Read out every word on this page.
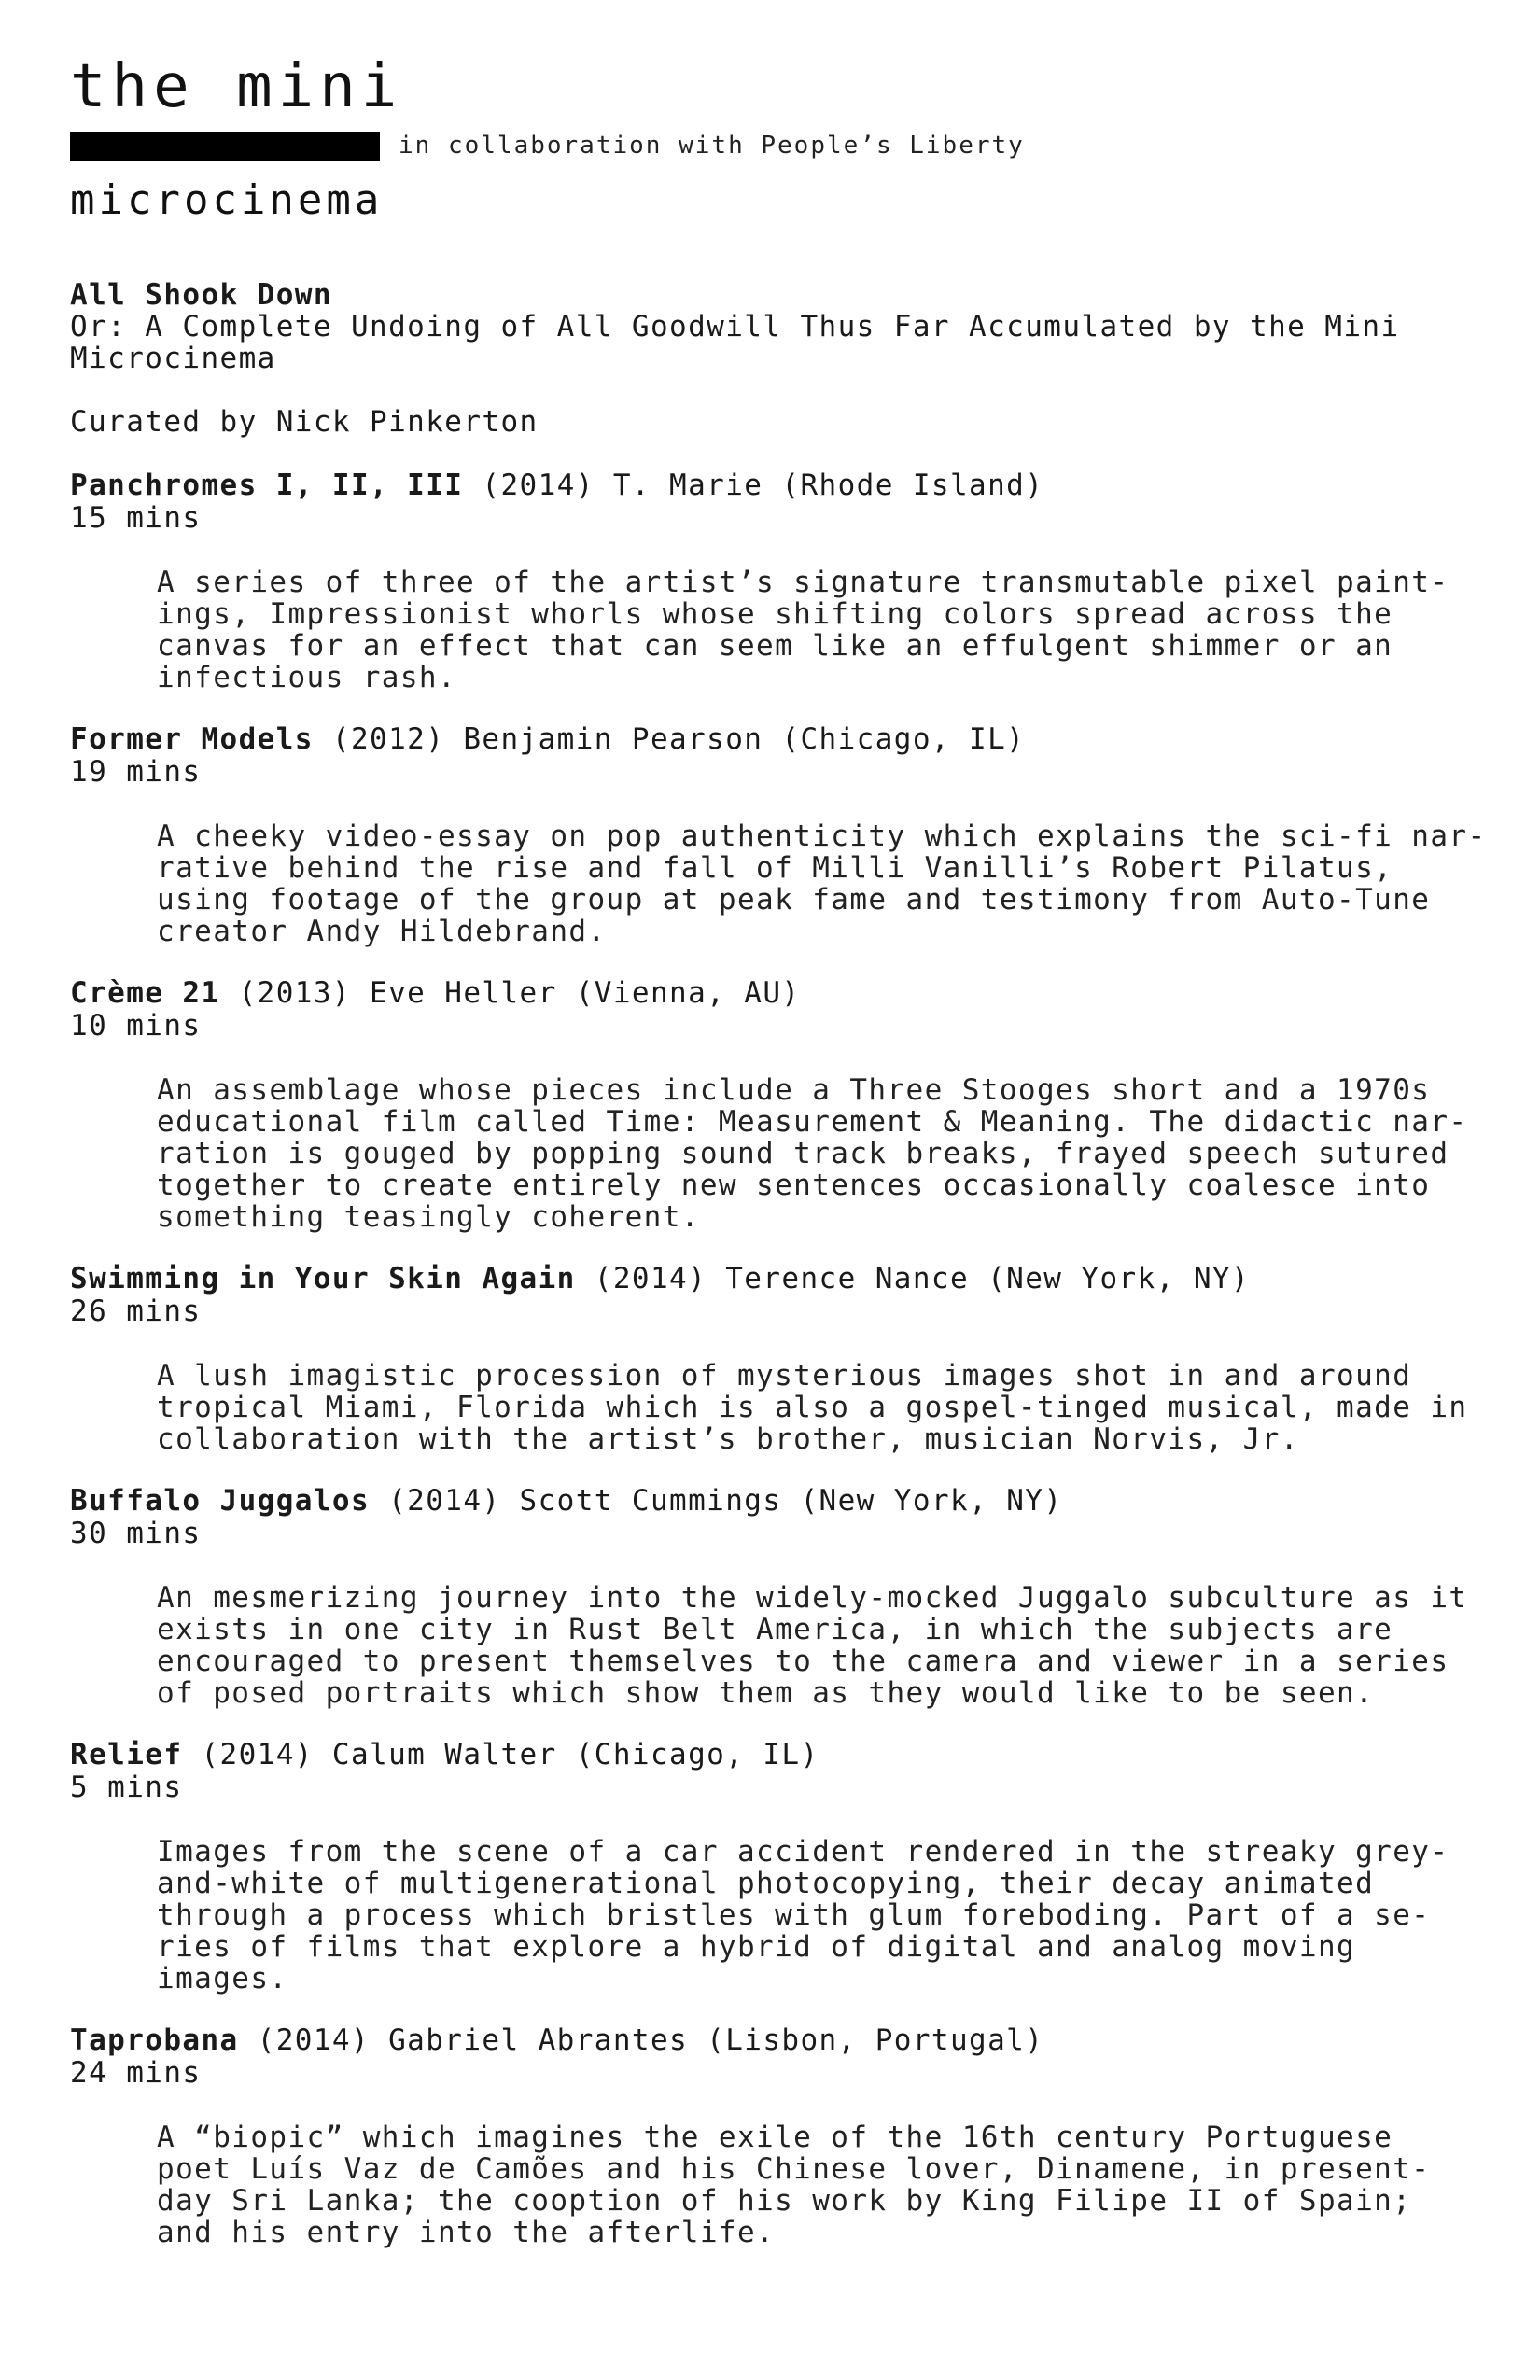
the mini
in collaboration with People’s Liberty
microcinema
All Shook Down
Or: A Complete Undoing of All Goodwill Thus Far Accumulated by the Mini
Microcinema
Curated by Nick Pinkerton
Panchromes I, II, III (2014) T. Marie (Rhode Island)
15 mins
A series of three of the artist’s signature transmutable pixel paint-
ings, Impressionist whorls whose shifting colors spread across the
canvas for an effect that can seem like an effulgent shimmer or an
infectious rash.
Former Models (2012) Benjamin Pearson (Chicago, IL)
19 mins
A cheeky video-essay on pop authenticity which explains the sci-fi nar-
rative behind the rise and fall of Milli Vanilli’s Robert Pilatus,
using footage of the group at peak fame and testimony from Auto-Tune
creator Andy Hildebrand.
Crème 21 (2013) Eve Heller (Vienna, AU)
10 mins
An assemblage whose pieces include a Three Stooges short and a 1970s
educational film called Time: Measurement & Meaning. The didactic nar-
ration is gouged by popping sound track breaks, frayed speech sutured
together to create entirely new sentences occasionally coalesce into
something teasingly coherent.
Swimming in Your Skin Again (2014) Terence Nance (New York, NY)
26 mins
A lush imagistic procession of mysterious images shot in and around
tropical Miami, Florida which is also a gospel-tinged musical, made in
collaboration with the artist’s brother, musician Norvis, Jr.
Buffalo Juggalos (2014) Scott Cummings (New York, NY)
30 mins
An mesmerizing journey into the widely-mocked Juggalo subculture as it
exists in one city in Rust Belt America, in which the subjects are
encouraged to present themselves to the camera and viewer in a series
of posed portraits which show them as they would like to be seen.
Relief (2014) Calum Walter (Chicago, IL)
5 mins
Images from the scene of a car accident rendered in the streaky grey-
and-white of multigenerational photocopying, their decay animated
through a process which bristles with glum foreboding. Part of a se-
ries of films that explore a hybrid of digital and analog moving
images.
Taprobana (2014) Gabriel Abrantes (Lisbon, Portugal)
24 mins
A “biopic” which imagines the exile of the 16th century Portuguese
poet Luís Vaz de Camões and his Chinese lover, Dinamene, in present-
day Sri Lanka; the cooption of his work by King Filipe II of Spain;
and his entry into the afterlife.
